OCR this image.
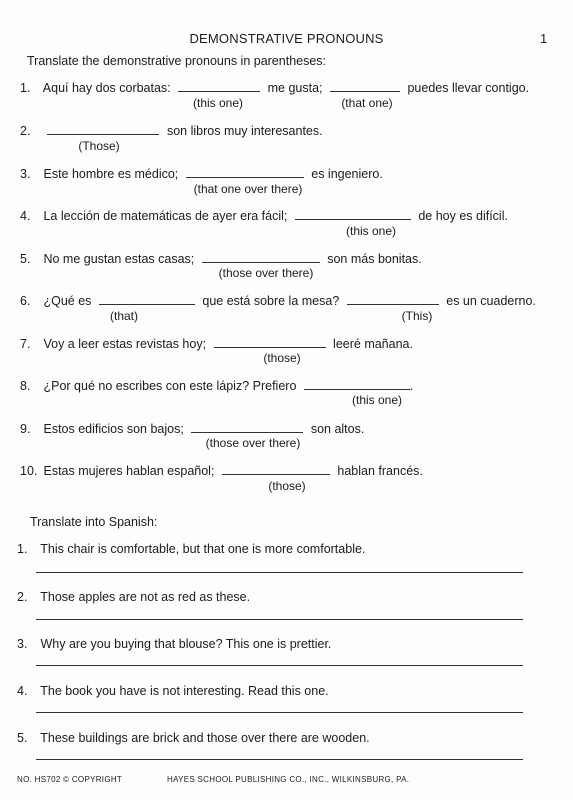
DEMONSTRATIVE PRONOUNS	1
Translate the demonstrative pronouns in parentheses:
1. Aquí hay dos corbatas:	me gusta;	puedes llevar contigo.
(this one)	(that one)
2.	son libros muy interesantes.
(Those)
3. Este hombre es médico;	es ingeniero.
(that one over there)
4. La lección de matemáticas de ayer era fácil;	de hoy es difícil.
(this one)
5. No me gustan estas casas;	son más bonitas.
(those over there)
6. ¿Qué es	que está sobre la mesa?	es un cuaderno.
(that)	(This)
7. Voy a leer estas revistas hoy;	leeré mañana.
(those)
8. ¿Por qué no escribes con este lápiz? Prefiero	.
(this one)
9. Estos edificios son bajos;	son altos.
(those over there)
10. Estas mujeres hablan español;	hablan francés.
(those)
Translate into Spanish:
1. This chair is comfortable, but that one is more comfortable.
2. Those apples are not as red as these.
3. Why are you buying that blouse? This one is prettier.
4. The book you have is not interesting. Read this one.
5. These buildings are brick and those over there are wooden.
NO. HS702 © COPYRIGHT	HAYES SCHOOL PUBLISHING CO., INC., WILKINSBURG, PA.
